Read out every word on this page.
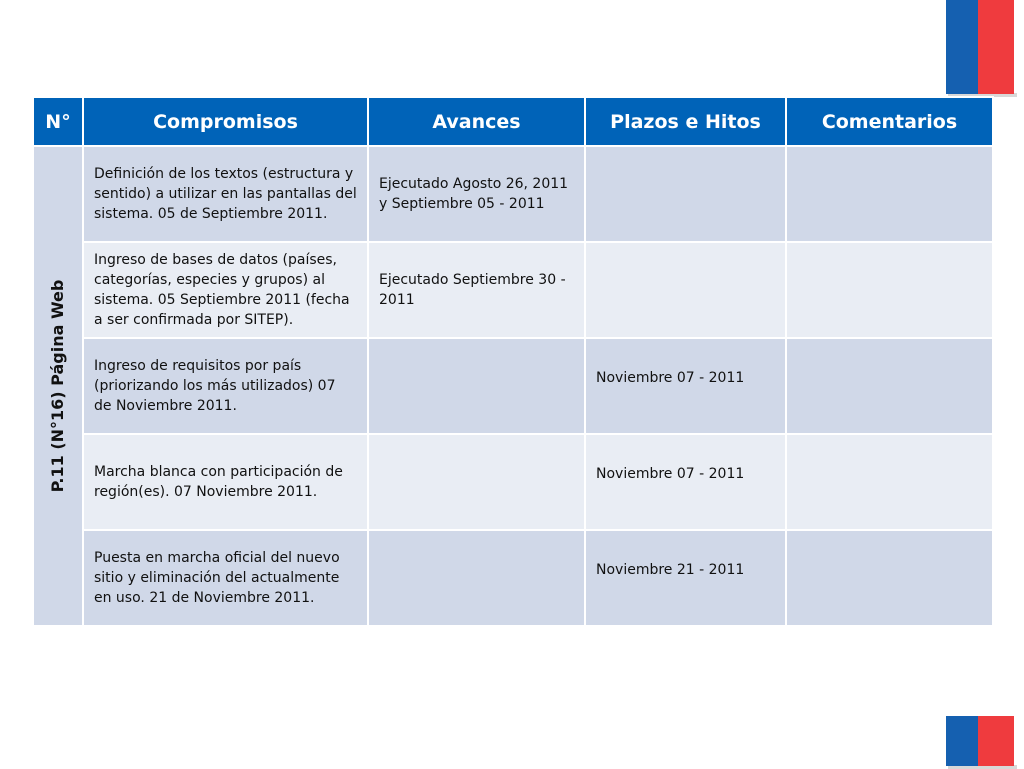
N°	Compromisos	Avances	Plazos e Hitos	Comentarios

P.11 (N°16) Página Web	Definición de los textos (estructura y sentido) a utilizar en las pantallas del sistema. 05 de Septiembre 2011.	Ejecutado Agosto 26, 2011 y Septiembre 05 - 2011		
	Ingreso de bases de datos (países, categorías, especies y grupos) al sistema. 05 Septiembre 2011 (fecha a ser confirmada por SITEP).	Ejecutado Septiembre 30 - 2011		
	Ingreso de requisitos por país (priorizando los más utilizados) 07 de Noviembre 2011.		Noviembre 07 - 2011	
	Marcha blanca con participación de región(es). 07 Noviembre 2011.		Noviembre 07 - 2011	
	Puesta en marcha oficial del nuevo sitio y eliminación del actualmente en uso. 21 de Noviembre 2011.		Noviembre 21 - 2011	
